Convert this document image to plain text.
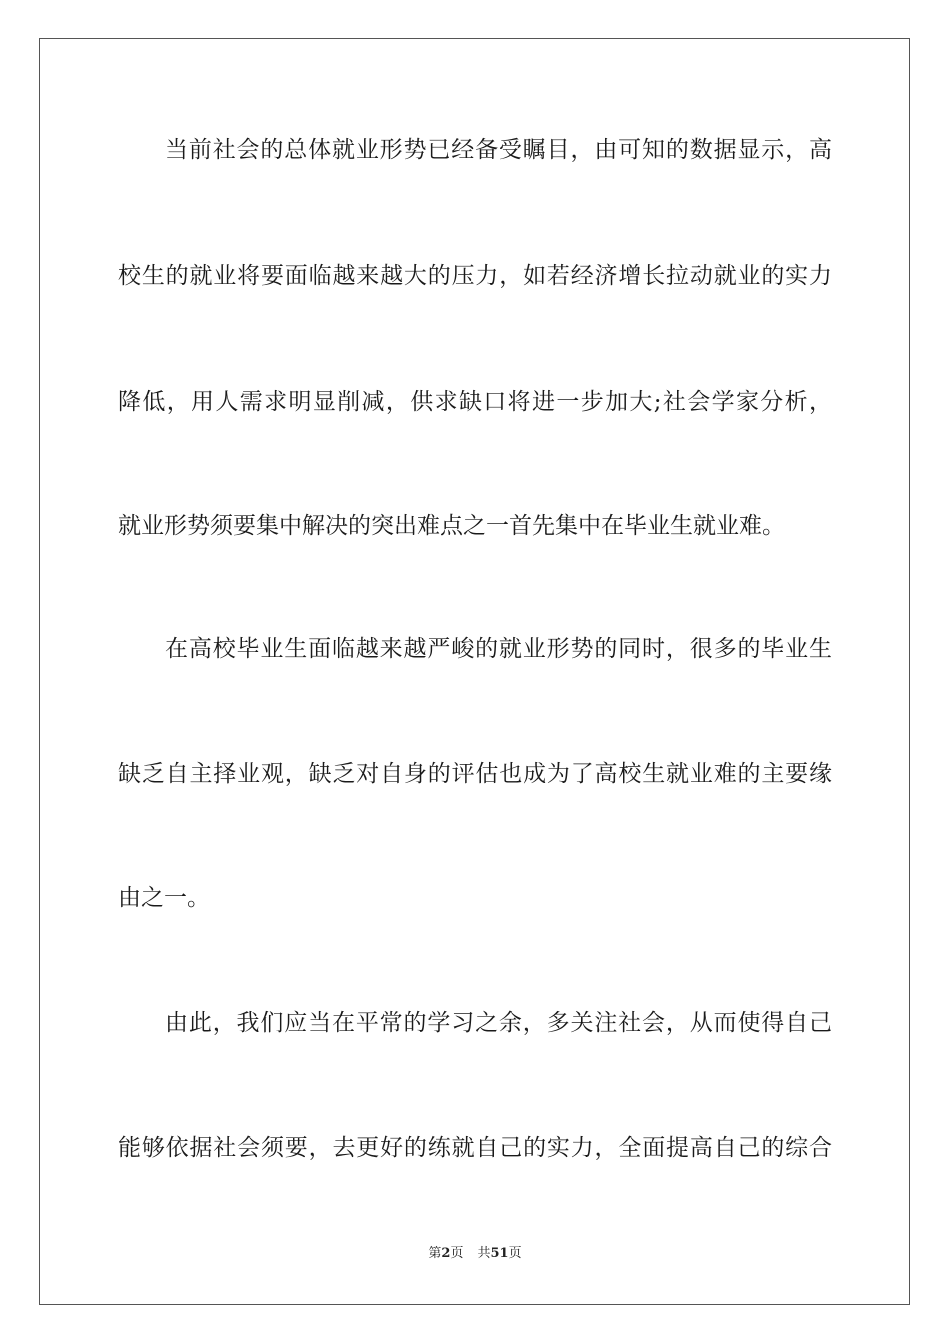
当前社会的总体就业形势已经备受瞩目，由可知的数据显示，高
校生的就业将要面临越来越大的压力，如若经济增长拉动就业的实力
降低，用人需求明显削减，供求缺口将进一步加大;社会学家分析，
就业形势须要集中解决的突出难点之一首先集中在毕业生就业难。
在高校毕业生面临越来越严峻的就业形势的同时，很多的毕业生
缺乏自主择业观，缺乏对自身的评估也成为了高校生就业难的主要缘
由之一。
由此，我们应当在平常的学习之余，多关注社会，从而使得自己
能够依据社会须要，去更好的练就自己的实力，全面提高自己的综合
第2页 共51页
